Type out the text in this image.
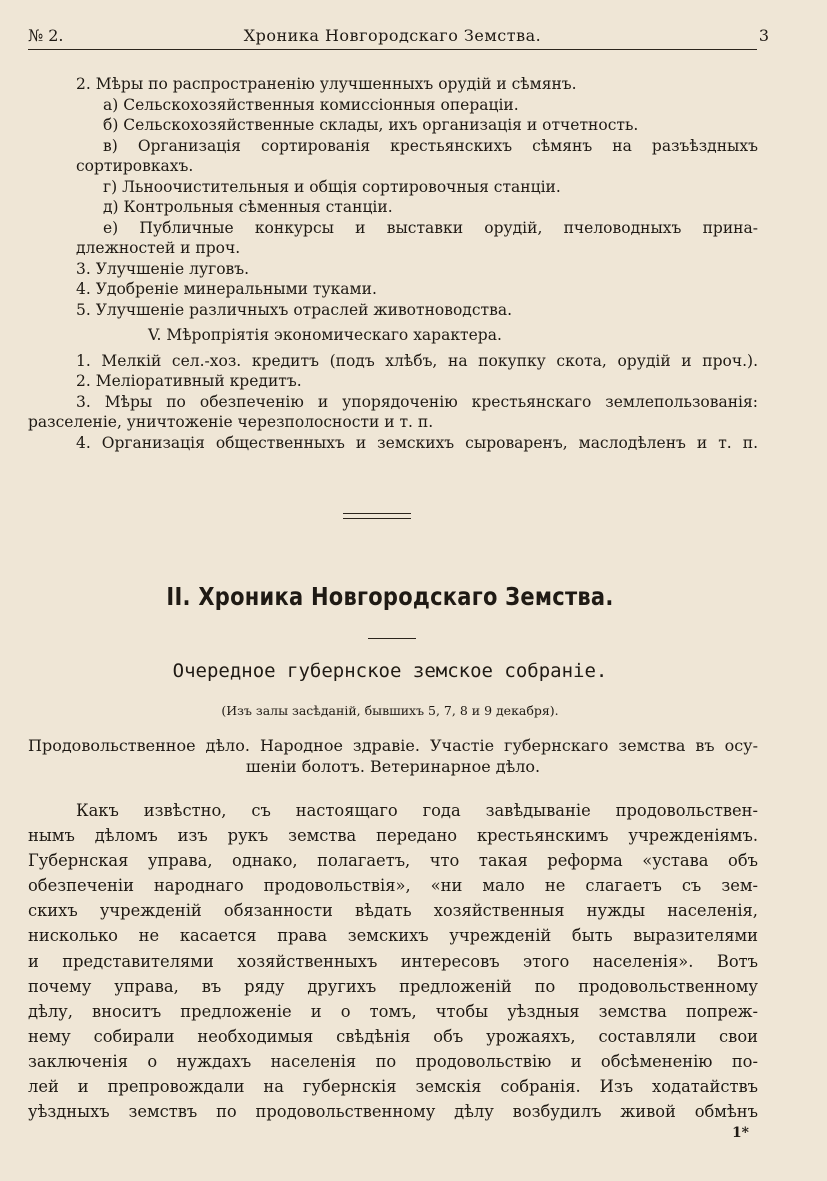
№ 2.	Хроника Новгородскаго Земства.	3
2. Мѣры по распространенію улучшенныхъ орудій и сѣмянъ.
а) Сельскохозяйственныя комиссіонныя операціи.
б) Сельскохозяйственные склады, ихъ организація и отчетность.
в) Организація сортированія крестьянскихъ сѣмянъ на разъѣздныхъ
сортировкахъ.
г) Льноочистительныя и общія сортировочныя станціи.
д) Контрольныя сѣменныя станціи.
е) Публичные конкурсы и выставки орудій, пчеловодныхъ прина-
длежностей и проч.
3. Улучшеніе луговъ.
4. Удобреніе минеральными туками.
5. Улучшеніе различныхъ отраслей животноводства.
V. Мѣропріятія экономическаго характера.
1. Мелкій сел.-хоз. кредитъ (подъ хлѣбъ, на покупку скота, орудій и проч.).
2. Меліоративный кредитъ.
3. Мѣры по обезпеченію и упорядоченію крестьянскаго землепользованія:
разселеніе, уничтоженіе черезполосности и т. п.
4. Организація общественныхъ и земскихъ сыроваренъ, маслодѣленъ и т. п.
II. Хроника Новгородскаго Земства.
Очередное губернское земское собраніе.
(Изъ залы засѣданій, бывшихъ 5, 7, 8 и 9 декабря).
Продовольственное дѣло. Народное здравіе. Участіе губернскаго земства въ осу-
шеніи болотъ. Ветеринарное дѣло.
Какъ извѣстно, съ настоящаго года завѣдываніе продовольствен-
нымъ дѣломъ изъ рукъ земства передано крестьянскимъ учрежденіямъ.
Губернская управа, однако, полагаетъ, что такая реформа «устава объ
обезпеченіи народнаго продовольствія», «ни мало не слагаетъ съ зем-
скихъ учрежденій обязанности вѣдать хозяйственныя нужды населенія,
нисколько не касается права земскихъ учрежденій быть выразителями
и представителями хозяйственныхъ интересовъ этого населенія». Вотъ
почему управа, въ ряду другихъ предложеній по продовольственному
дѣлу, вноситъ предложеніе и о томъ, чтобы уѣздныя земства попреж-
нему собирали необходимыя свѣдѣнія объ урожаяхъ, составляли свои
заключенія о нуждахъ населенія по продовольствію и обсѣмененію по-
лей и препровождали на губернскія земскія собранія. Изъ ходатайствъ
уѣздныхъ земствъ по продовольственному дѣлу возбудилъ живой обмѣнъ
1*
